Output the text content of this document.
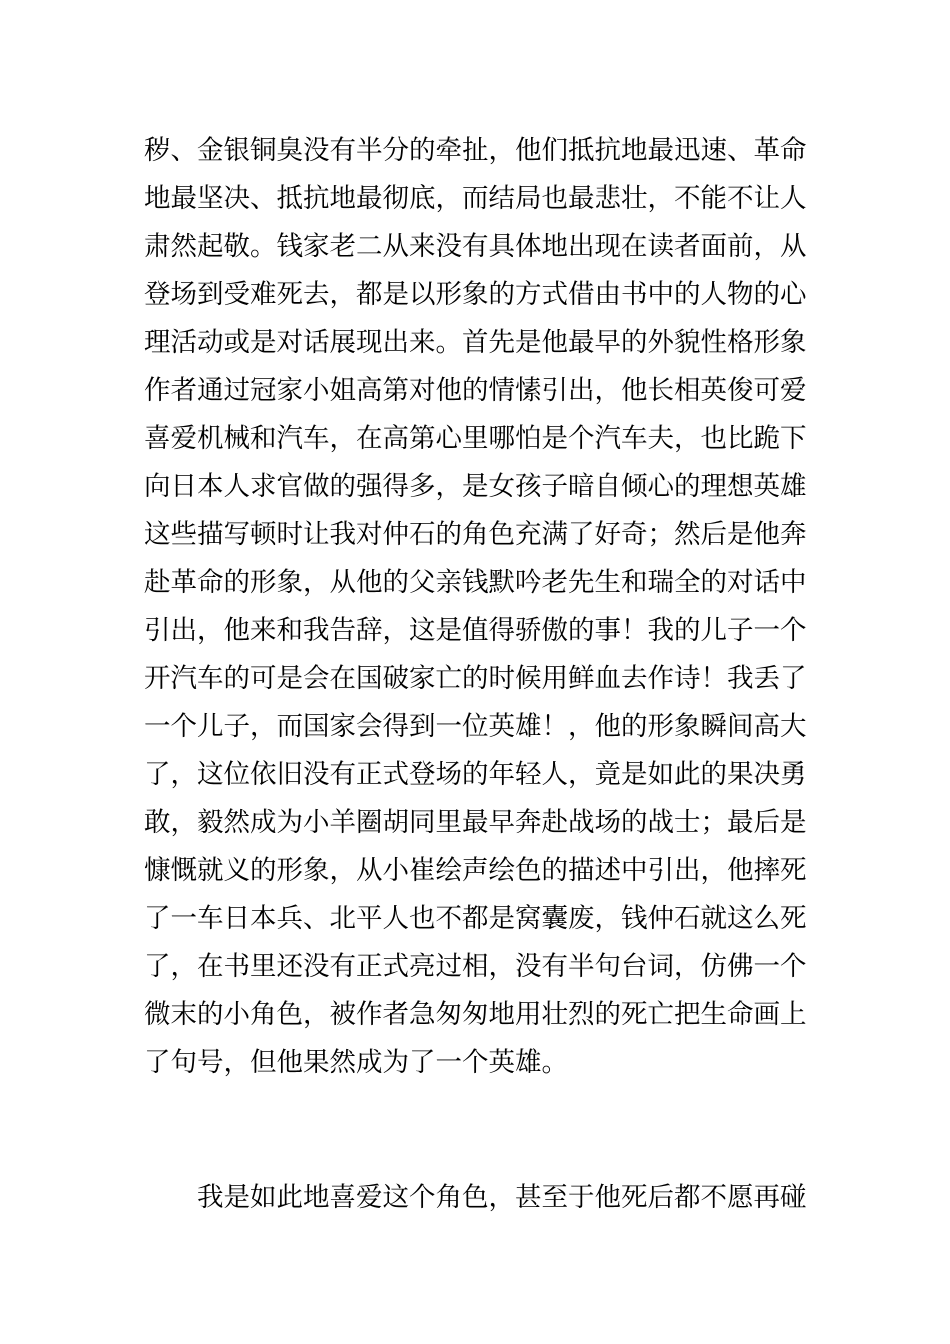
秽、金银铜臭没有半分的牵扯，他们抵抗地最迅速、革命
地最坚决、抵抗地最彻底，而结局也最悲壮，不能不让人
肃然起敬。钱家老二从来没有具体地出现在读者面前，从
登场到受难死去，都是以形象的方式借由书中的人物的心
理活动或是对话展现出来。首先是他最早的外貌性格形象
作者通过冠家小姐高第对他的情愫引出，他长相英俊可爱
喜爱机械和汽车，在高第心里哪怕是个汽车夫，也比跪下
向日本人求官做的强得多，是女孩子暗自倾心的理想英雄
这些描写顿时让我对仲石的角色充满了好奇；然后是他奔
赴革命的形象，从他的父亲钱默吟老先生和瑞全的对话中
引出，他来和我告辞，这是值得骄傲的事！我的儿子一个
开汽车的可是会在国破家亡的时候用鲜血去作诗！我丢了
一个儿子，而国家会得到一位英雄！，他的形象瞬间高大
了，这位依旧没有正式登场的年轻人，竟是如此的果决勇
敢，毅然成为小羊圈胡同里最早奔赴战场的战士；最后是
慷慨就义的形象，从小崔绘声绘色的描述中引出，他摔死
了一车日本兵、北平人也不都是窝囊废，钱仲石就这么死
了，在书里还没有正式亮过相，没有半句台词，仿佛一个
微末的小角色，被作者急匆匆地用壮烈的死亡把生命画上
了句号，但他果然成为了一个英雄。
我是如此地喜爱这个角色，甚至于他死后都不愿再碰
